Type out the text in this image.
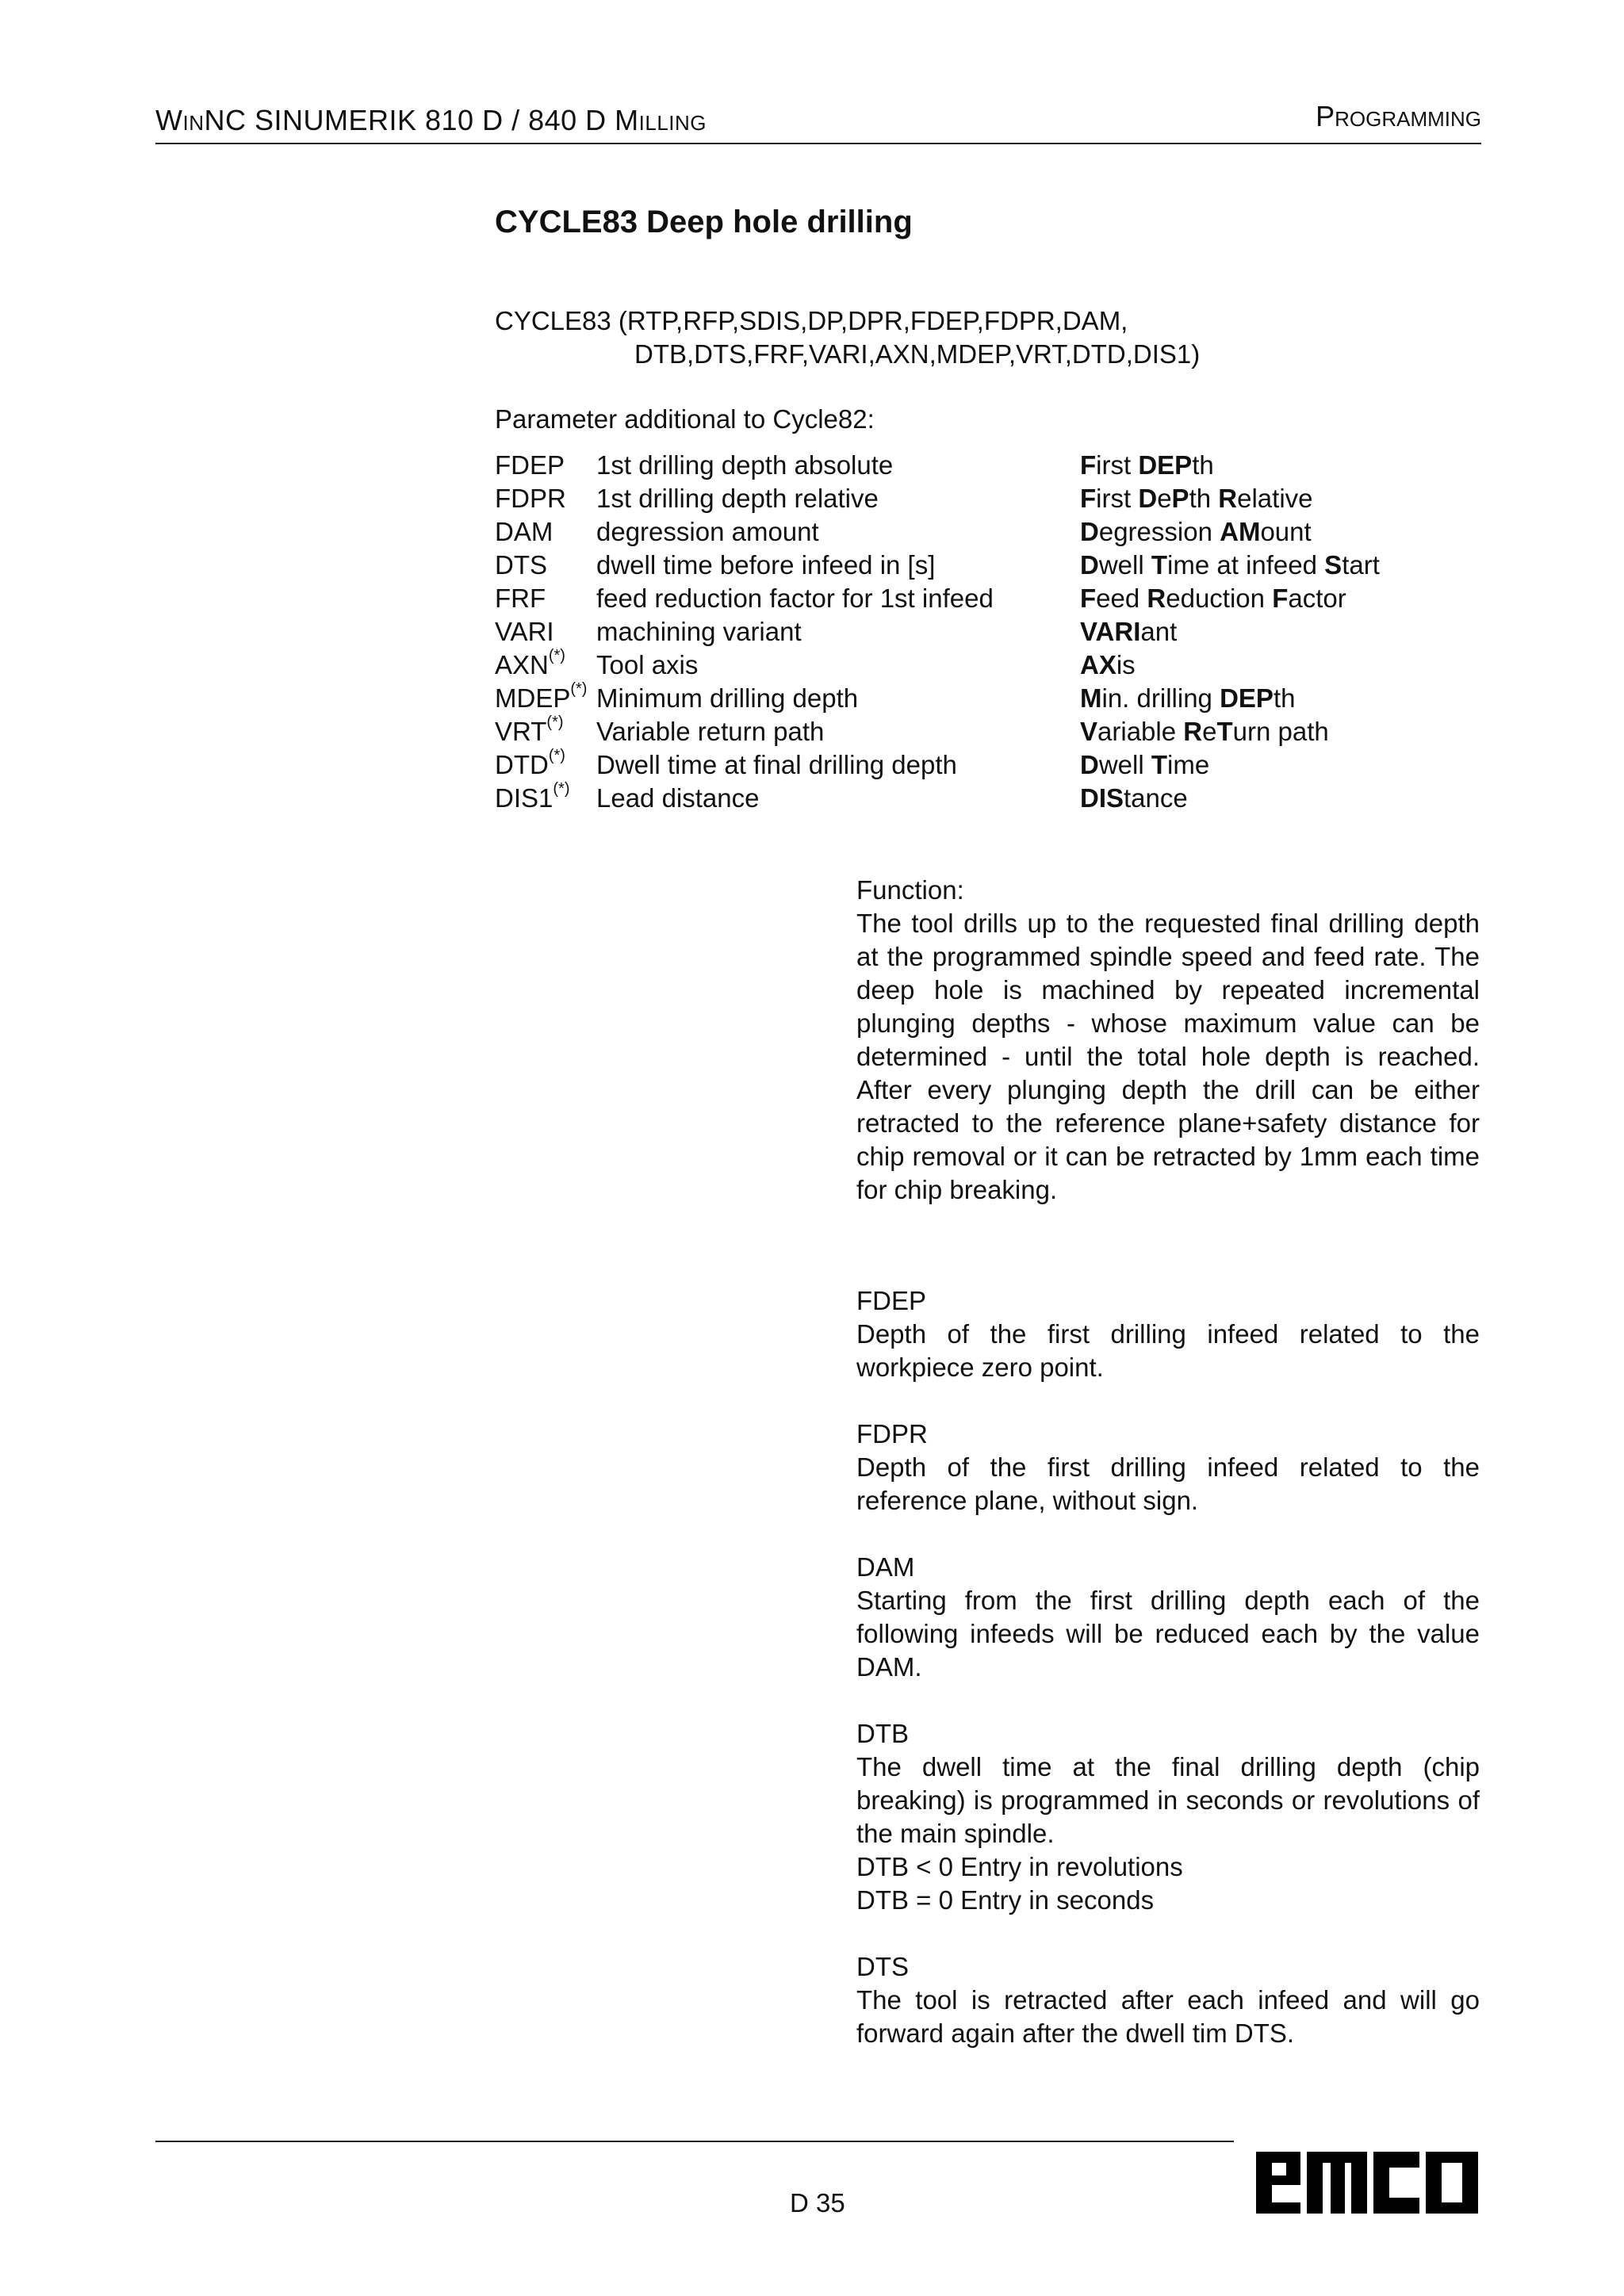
WINNC SINUMERIK 810 D / 840 D MILLING	PROGRAMMING
CYCLE83 Deep hole drilling
CYCLE83 (RTP,RFP,SDIS,DP,DPR,FDEP,FDPR,DAM,
DTB,DTS,FRF,VARI,AXN,MDEP,VRT,DTD,DIS1)
Parameter additional to Cycle82:
FDEP 1st drilling depth absolute	First DEPth
FDPR 1st drilling depth relative	First DePth Relative
DAM degression amount	Degression AMount
DTS dwell time before infeed in [s]	Dwell Time at infeed Start
FRF feed reduction factor for 1st infeed	Feed Reduction Factor
VARI machining variant	VARIant
AXN(*) Tool axis	AXis
MDEP(*) Minimum drilling depth	Min. drilling DEPth
VRT(*) Variable return path	Variable ReTurn path
DTD(*) Dwell time at final drilling depth	Dwell Time
DIS1(*) Lead distance	DIStance

Function:

The tool drills up to the requested final drilling depth at the programmed spindle speed and feed rate. The deep hole is machined by repeated incremental plunging depths - whose maximum value can be determined - until the total hole depth is reached. After every plunging depth the drill can be either retracted to the reference plane+safety distance for chip removal or it can be retracted by 1mm each time for chip breaking.

FDEP

Depth of the first drilling infeed related to the workpiece zero point.

FDPR

Depth of the first drilling infeed related to the reference plane, without sign.

DAM

Starting from the first drilling depth each of the following infeeds will be reduced each by the value DAM.

DTB

The dwell time at the final drilling depth (chip breaking) is programmed in seconds or revolutions of the main spindle.

DTB < 0 Entry in revolutions

DTB = 0 Entry in seconds

DTS

The tool is retracted after each infeed and will go forward again after the dwell tim DTS.

D 35
